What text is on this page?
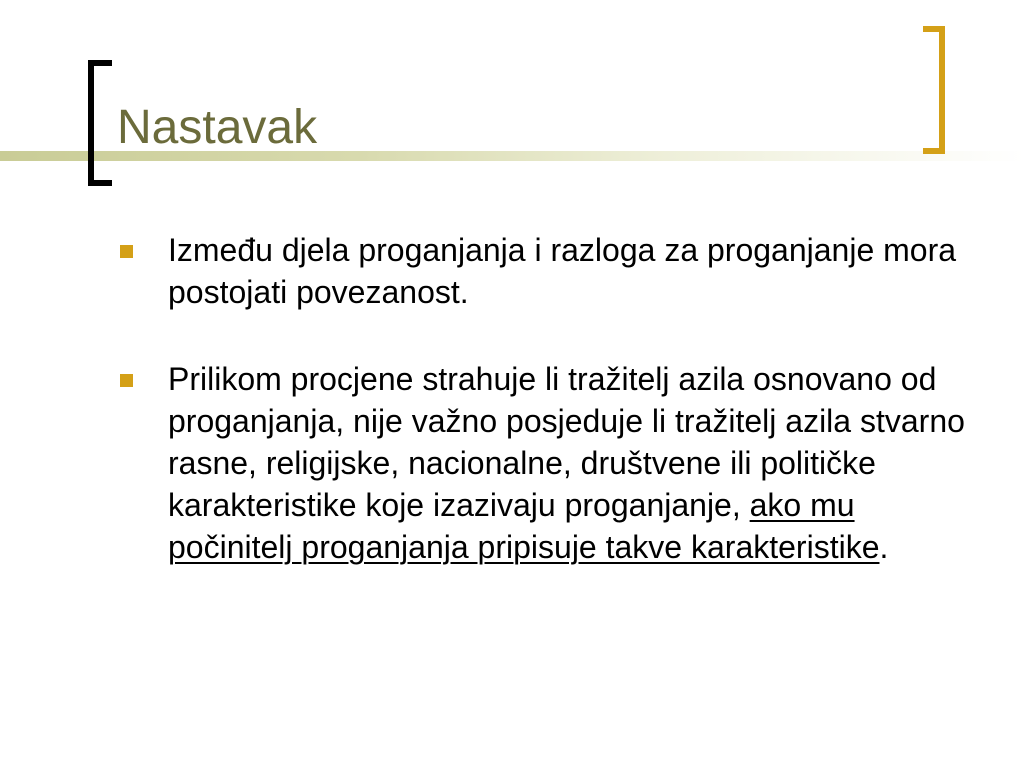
Nastavak
Između djela proganjanja i razloga za proganjanje mora postojati povezanost.
Prilikom procjene strahuje li tražitelj azila osnovano od proganjanja, nije važno posjeduje li tražitelj azila stvarno rasne, religijske, nacionalne, društvene ili političke karakteristike koje izazivaju proganjanje, ako mu počinitelj proganjanja pripisuje takve karakteristike.
